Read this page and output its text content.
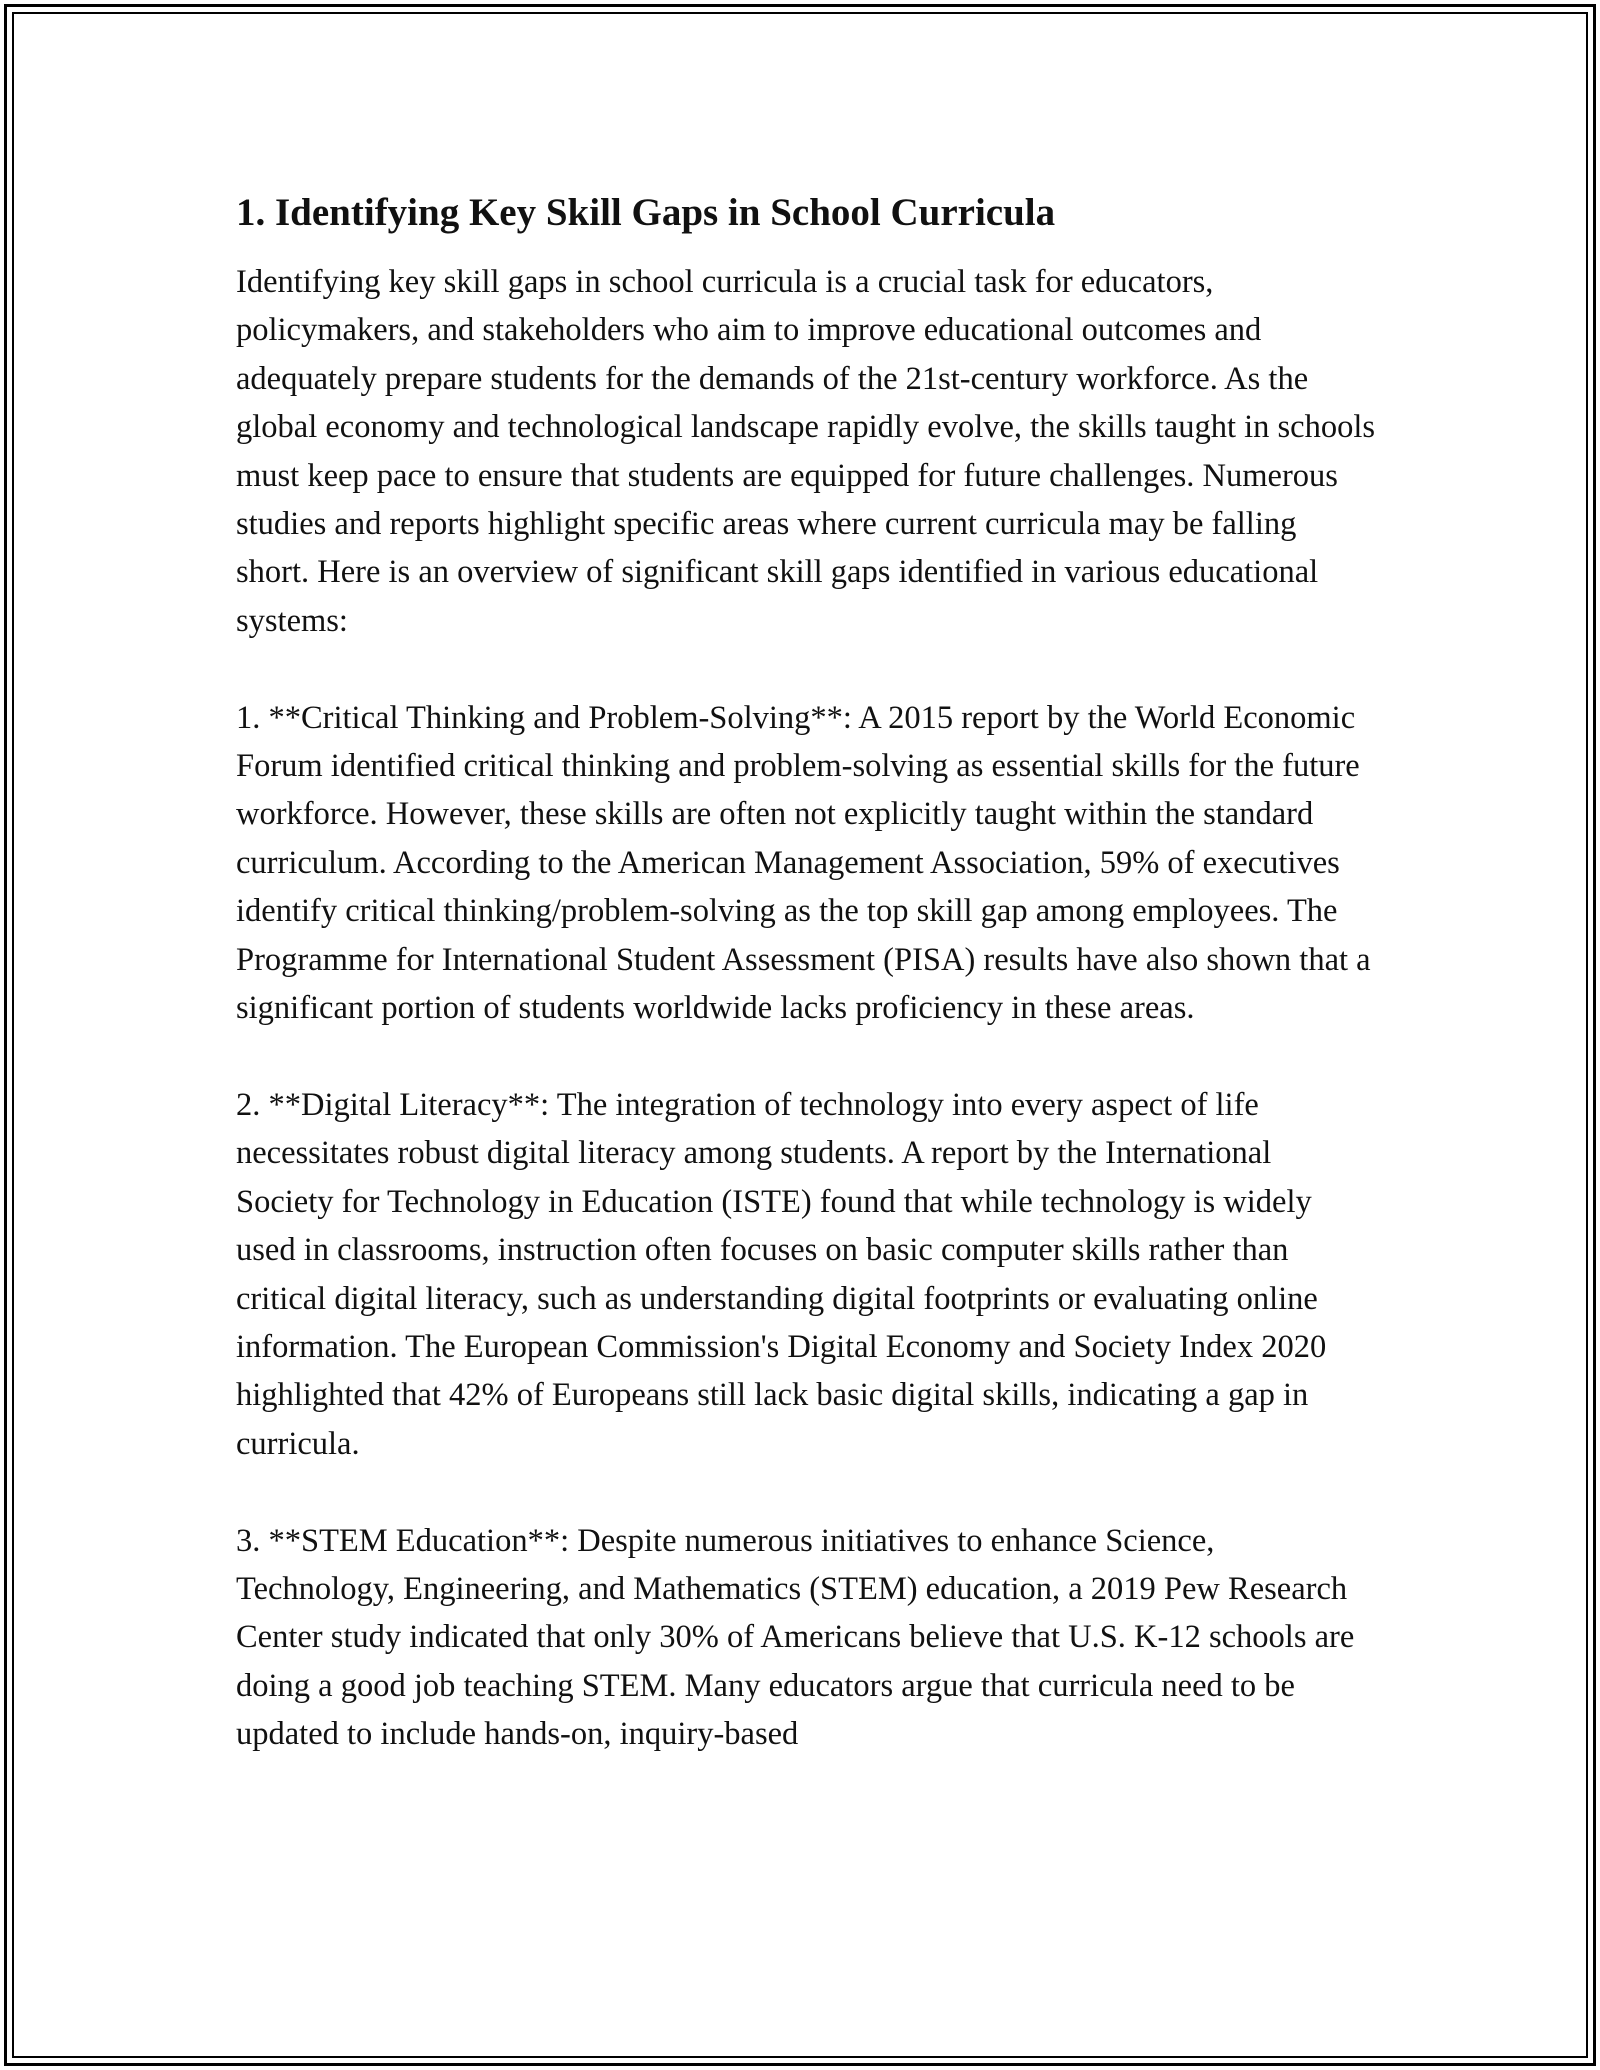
1. Identifying Key Skill Gaps in School Curricula

Identifying key skill gaps in school curricula is a crucial task for educators, policymakers, and stakeholders who aim to improve educational outcomes and adequately prepare students for the demands of the 21st-century workforce. As the global economy and technological landscape rapidly evolve, the skills taught in schools must keep pace to ensure that students are equipped for future challenges. Numerous studies and reports highlight specific areas where current curricula may be falling short. Here is an overview of significant skill gaps identified in various educational systems:

1. **Critical Thinking and Problem-Solving**: A 2015 report by the World Economic Forum identified critical thinking and problem-solving as essential skills for the future workforce. However, these skills are often not explicitly taught within the standard curriculum. According to the American Management Association, 59% of executives identify critical thinking/problem-solving as the top skill gap among employees. The Programme for International Student Assessment (PISA) results have also shown that a significant portion of students worldwide lacks proficiency in these areas.

2. **Digital Literacy**: The integration of technology into every aspect of life necessitates robust digital literacy among students. A report by the International Society for Technology in Education (ISTE) found that while technology is widely used in classrooms, instruction often focuses on basic computer skills rather than critical digital literacy, such as understanding digital footprints or evaluating online information. The European Commission's Digital Economy and Society Index 2020 highlighted that 42% of Europeans still lack basic digital skills, indicating a gap in curricula.

3. **STEM Education**: Despite numerous initiatives to enhance Science, Technology, Engineering, and Mathematics (STEM) education, a 2019 Pew Research Center study indicated that only 30% of Americans believe that U.S. K-12 schools are doing a good job teaching STEM. Many educators argue that curricula need to be updated to include hands-on, inquiry-based
